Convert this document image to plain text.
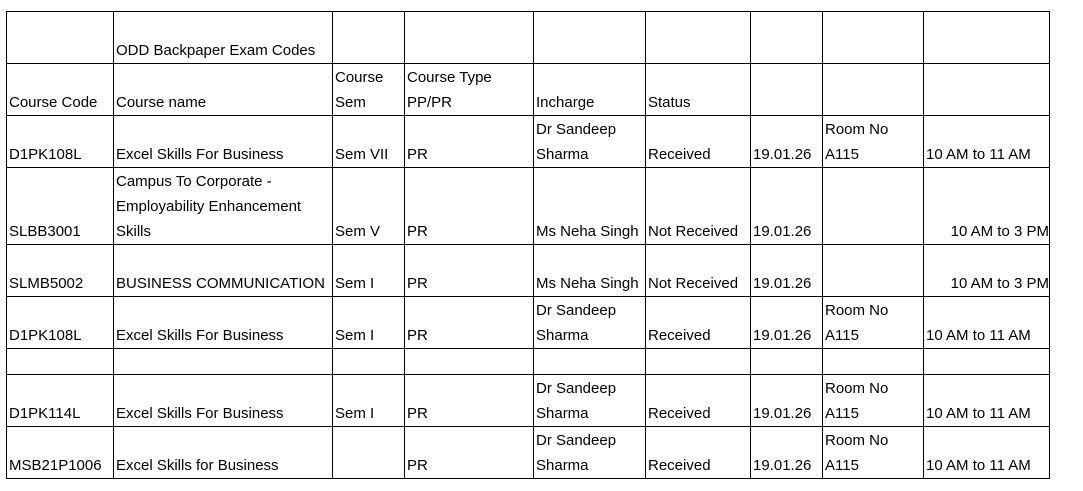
	ODD Backpaper Exam Codes							
Course Code	Course name	Course Sem	Course Type PP/PR	Incharge	Status			
D1PK108L	Excel Skills For Business	Sem VII	PR	Dr Sandeep Sharma	Received	19.01.26	Room No A115	10 AM to 11 AM
SLBB3001	Campus To Corporate - Employability Enhancement Skills	Sem V	PR	Ms Neha Singh	Not Received	19.01.26		10 AM to 3 PM
SLMB5002	BUSINESS COMMUNICATION	Sem I	PR	Ms Neha Singh	Not Received	19.01.26		10 AM to 3 PM
D1PK108L	Excel Skills For Business	Sem I	PR	Dr Sandeep Sharma	Received	19.01.26	Room No A115	10 AM to 11 AM

D1PK114L	Excel Skills For Business	Sem I	PR	Dr Sandeep Sharma	Received	19.01.26	Room No A115	10 AM to 11 AM
MSB21P1006	Excel Skills for Business		PR	Dr Sandeep Sharma	Received	19.01.26	Room No A115	10 AM to 11 AM
